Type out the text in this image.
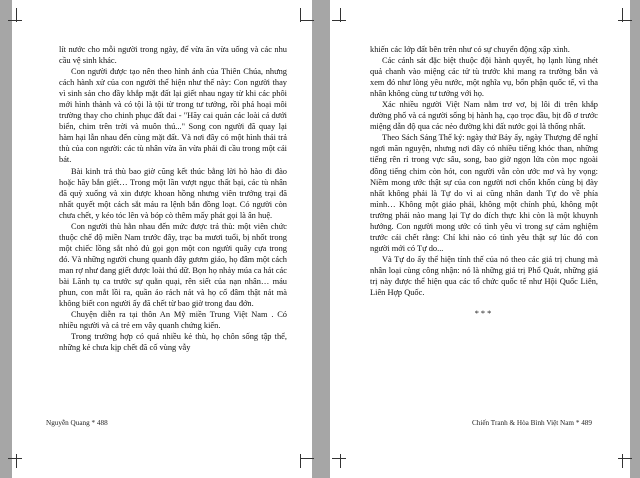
lít nước cho mỗi người trong ngày, để vừa ăn vừa uống và các nhu cầu vệ sinh khác.

Con người được tạo nên theo hình ảnh của Thiên Chúa, nhưng cách hành xử của con người thể hiện như thế này: Con người thay vì sinh sản cho đầy khắp mặt đất lại giết nhau ngay từ khi các phôi mới hình thành và có tội là tội từ trong tư tưởng, rồi phá hoại môi trường thay cho chinh phục đất đai - "Hãy cai quản các loài cá dưới biển, chim trên trời và muôn thú..." Song con người đã quay lại hàm hại lẫn nhau đến cùng mặt đất. Và nơi đây có một hình thái trả thù của con người: các tù nhân vừa ăn vừa phải đi cầu trong một cái bát.

Bài kinh trả thù bao giờ cũng kết thúc bằng lời hò hào đi đào hoặc hãy bắn giết… Trong một lần vượt ngục thất bại, các tù nhân đã quỳ xuống và xin được khoan hồng nhưng viên trưởng trại đã nhất quyết một cách sắt máu ra lệnh bắn đồng loạt. Có người còn chưa chết, y kéo tóc lên và bóp cò thêm mấy phát gọi là ân huệ.

Con người thù hằn nhau đến mức được trả thù: một viên chức thuộc chế độ miền Nam trước đây, trạc ba mươi tuổi, bị nhốt trong một chiếc lồng sắt nhỏ đủ gọi gọn một con người quây cựa trong đó. Và những người chung quanh đây gươm giáo, họ đâm một cách man rợ như đang giết được loài thú dữ. Bọn họ nhảy múa ca hát các bài Lãnh tụ ca trước sự quằn quại, rên siết của nạn nhân… máu phun, con mắt lồi ra, quần áo rách nát và họ cố đâm thật nát mà không biết con người ấy đã chết từ bao giờ trong đau đớn.

Chuyện diễn ra tại thôn An Mỹ miền Trung Việt Nam . Có nhiều người và cả trẻ em vây quanh chứng kiến.

Trong trường hợp có quá nhiều kẻ thù, họ chôn sống tập thể, những kẻ chưa kịp chết đã cố vùng vẫy

Nguyễn Quang * 488

khiến các lớp đất bên trên như có sự chuyển động xập xình.

Các cảnh sát đặc biệt thuộc đội hành quyết, họ lạnh lùng nhét quả chanh vào miệng các tử tù trước khi mang ra trường bắn và xem đó như lòng yêu nước, một nghĩa vụ, bổn phận quốc tế, vì tha nhân không cùng tư tưởng với họ.

Xác nhiều người Việt Nam nằm trơ vơ, bị lôi đi trên khắp đường phố và cả người sống bị hành hạ, cạo trọc đầu, bịt đồ ơ trước miệng dẫn độ qua các nẻo đường khi đất nước gọi là thống nhất.

Theo Sách Sáng Thế ký: ngày thứ Bảy ấy, ngày Thượng đế nghỉ ngơi mãn nguyện, nhưng nơi đây có nhiều tiếng khóc than, những tiếng rên rỉ trong vực sâu, song, bao giờ ngọn lửa còn mọc ngoài đồng tiếng chim còn hót, con người vẫn còn ước mơ và hy vọng: Niềm mong ước thật sự của con người nơi chốn khốn cùng bị đày nhất không phải là Tự do vì ai cũng nhân danh Tự do về phía mình… Không một giáo phái, không một chính phủ, không một trường phái nào mang lại Tự do đích thực khi còn là một khuynh hướng. Con người mong ước có tình yêu vì trong sự cảm nghiệm trước cái chết rằng: Chỉ khi nào có tình yêu thật sự lúc đó con người mới có Tự do...

Và Tự do ấy thể hiện tính thế của nó theo các giá trị chung mà nhân loại cùng công nhận: nó là những giá trị Phổ Quát, những giá trị này được thể hiện qua các tổ chức quốc tế như Hội Quốc Liên, Liên Hợp Quốc.

***

Chiến Tranh & Hòa Bình Việt Nam * 489
